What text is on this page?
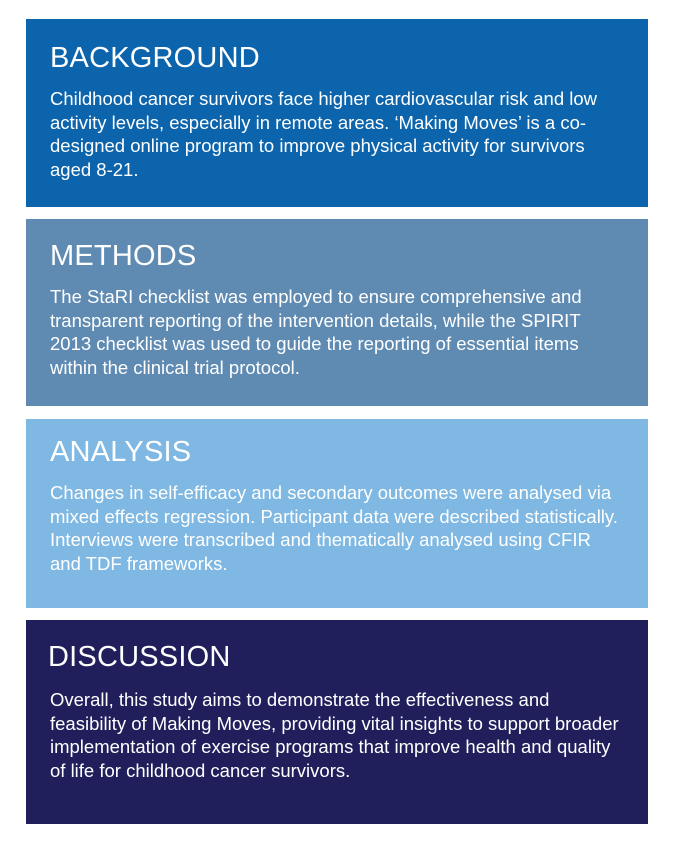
BACKGROUND

Childhood cancer survivors face higher cardiovascular risk and low activity levels, especially in remote areas. ‘Making Moves’ is a co-designed online program to improve physical activity for survivors aged 8-21.

METHODS

The StaRI checklist was employed to ensure comprehensive and transparent reporting of the intervention details, while the SPIRIT 2013 checklist was used to guide the reporting of essential items within the clinical trial protocol.

ANALYSIS

Changes in self-efficacy and secondary outcomes were analysed via mixed effects regression. Participant data were described statistically. Interviews were transcribed and thematically analysed using CFIR and TDF frameworks.

DISCUSSION

Overall, this study aims to demonstrate the effectiveness and feasibility of Making Moves, providing vital insights to support broader implementation of exercise programs that improve health and quality of life for childhood cancer survivors.
